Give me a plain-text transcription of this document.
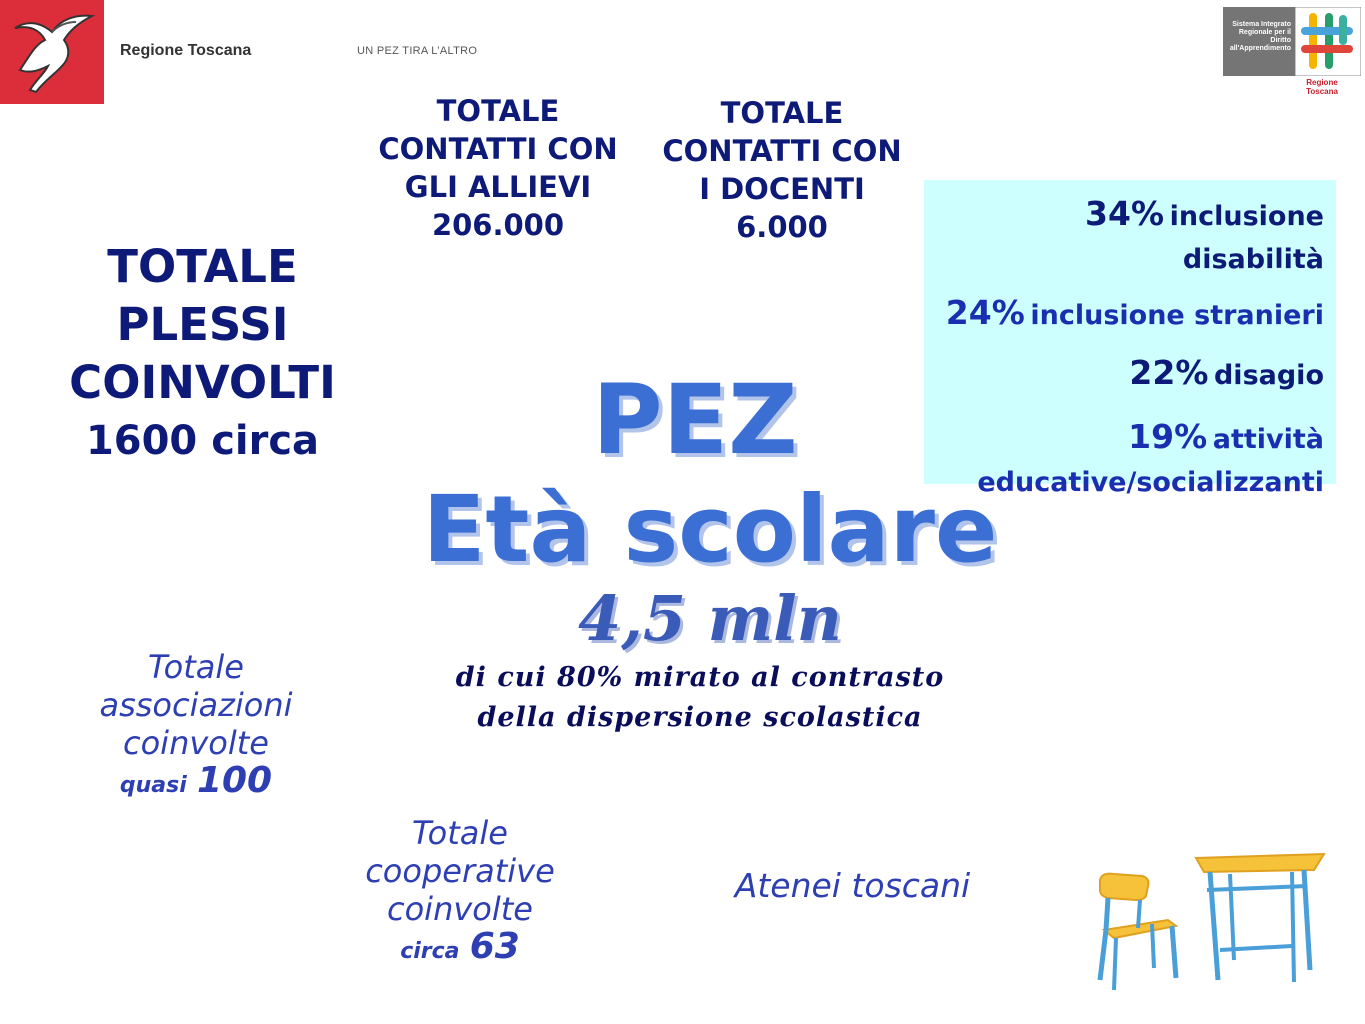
Regione Toscana	UN PEZ TIRA L’ALTRO
Sistema Integrato Regionale per il Diritto all'Apprendimento
Regione Toscana
TOTALE
CONTATTI CON
GLI ALLIEVI
206.000
TOTALE
CONTATTI CON
I DOCENTI
6.000
TOTALE
PLESSI
COINVOLTI
1600 circa
34% inclusione
disabilità
24% inclusione stranieri
22% disagio
19% attività
educative/socializzanti
PEZ
Età scolare
4,5 mln
di cui 80% mirato al contrasto
della dispersione scolastica
Totale
associazioni
coinvolte
quasi 100
Totale
cooperative
coinvolte
circa 63
Atenei toscani
